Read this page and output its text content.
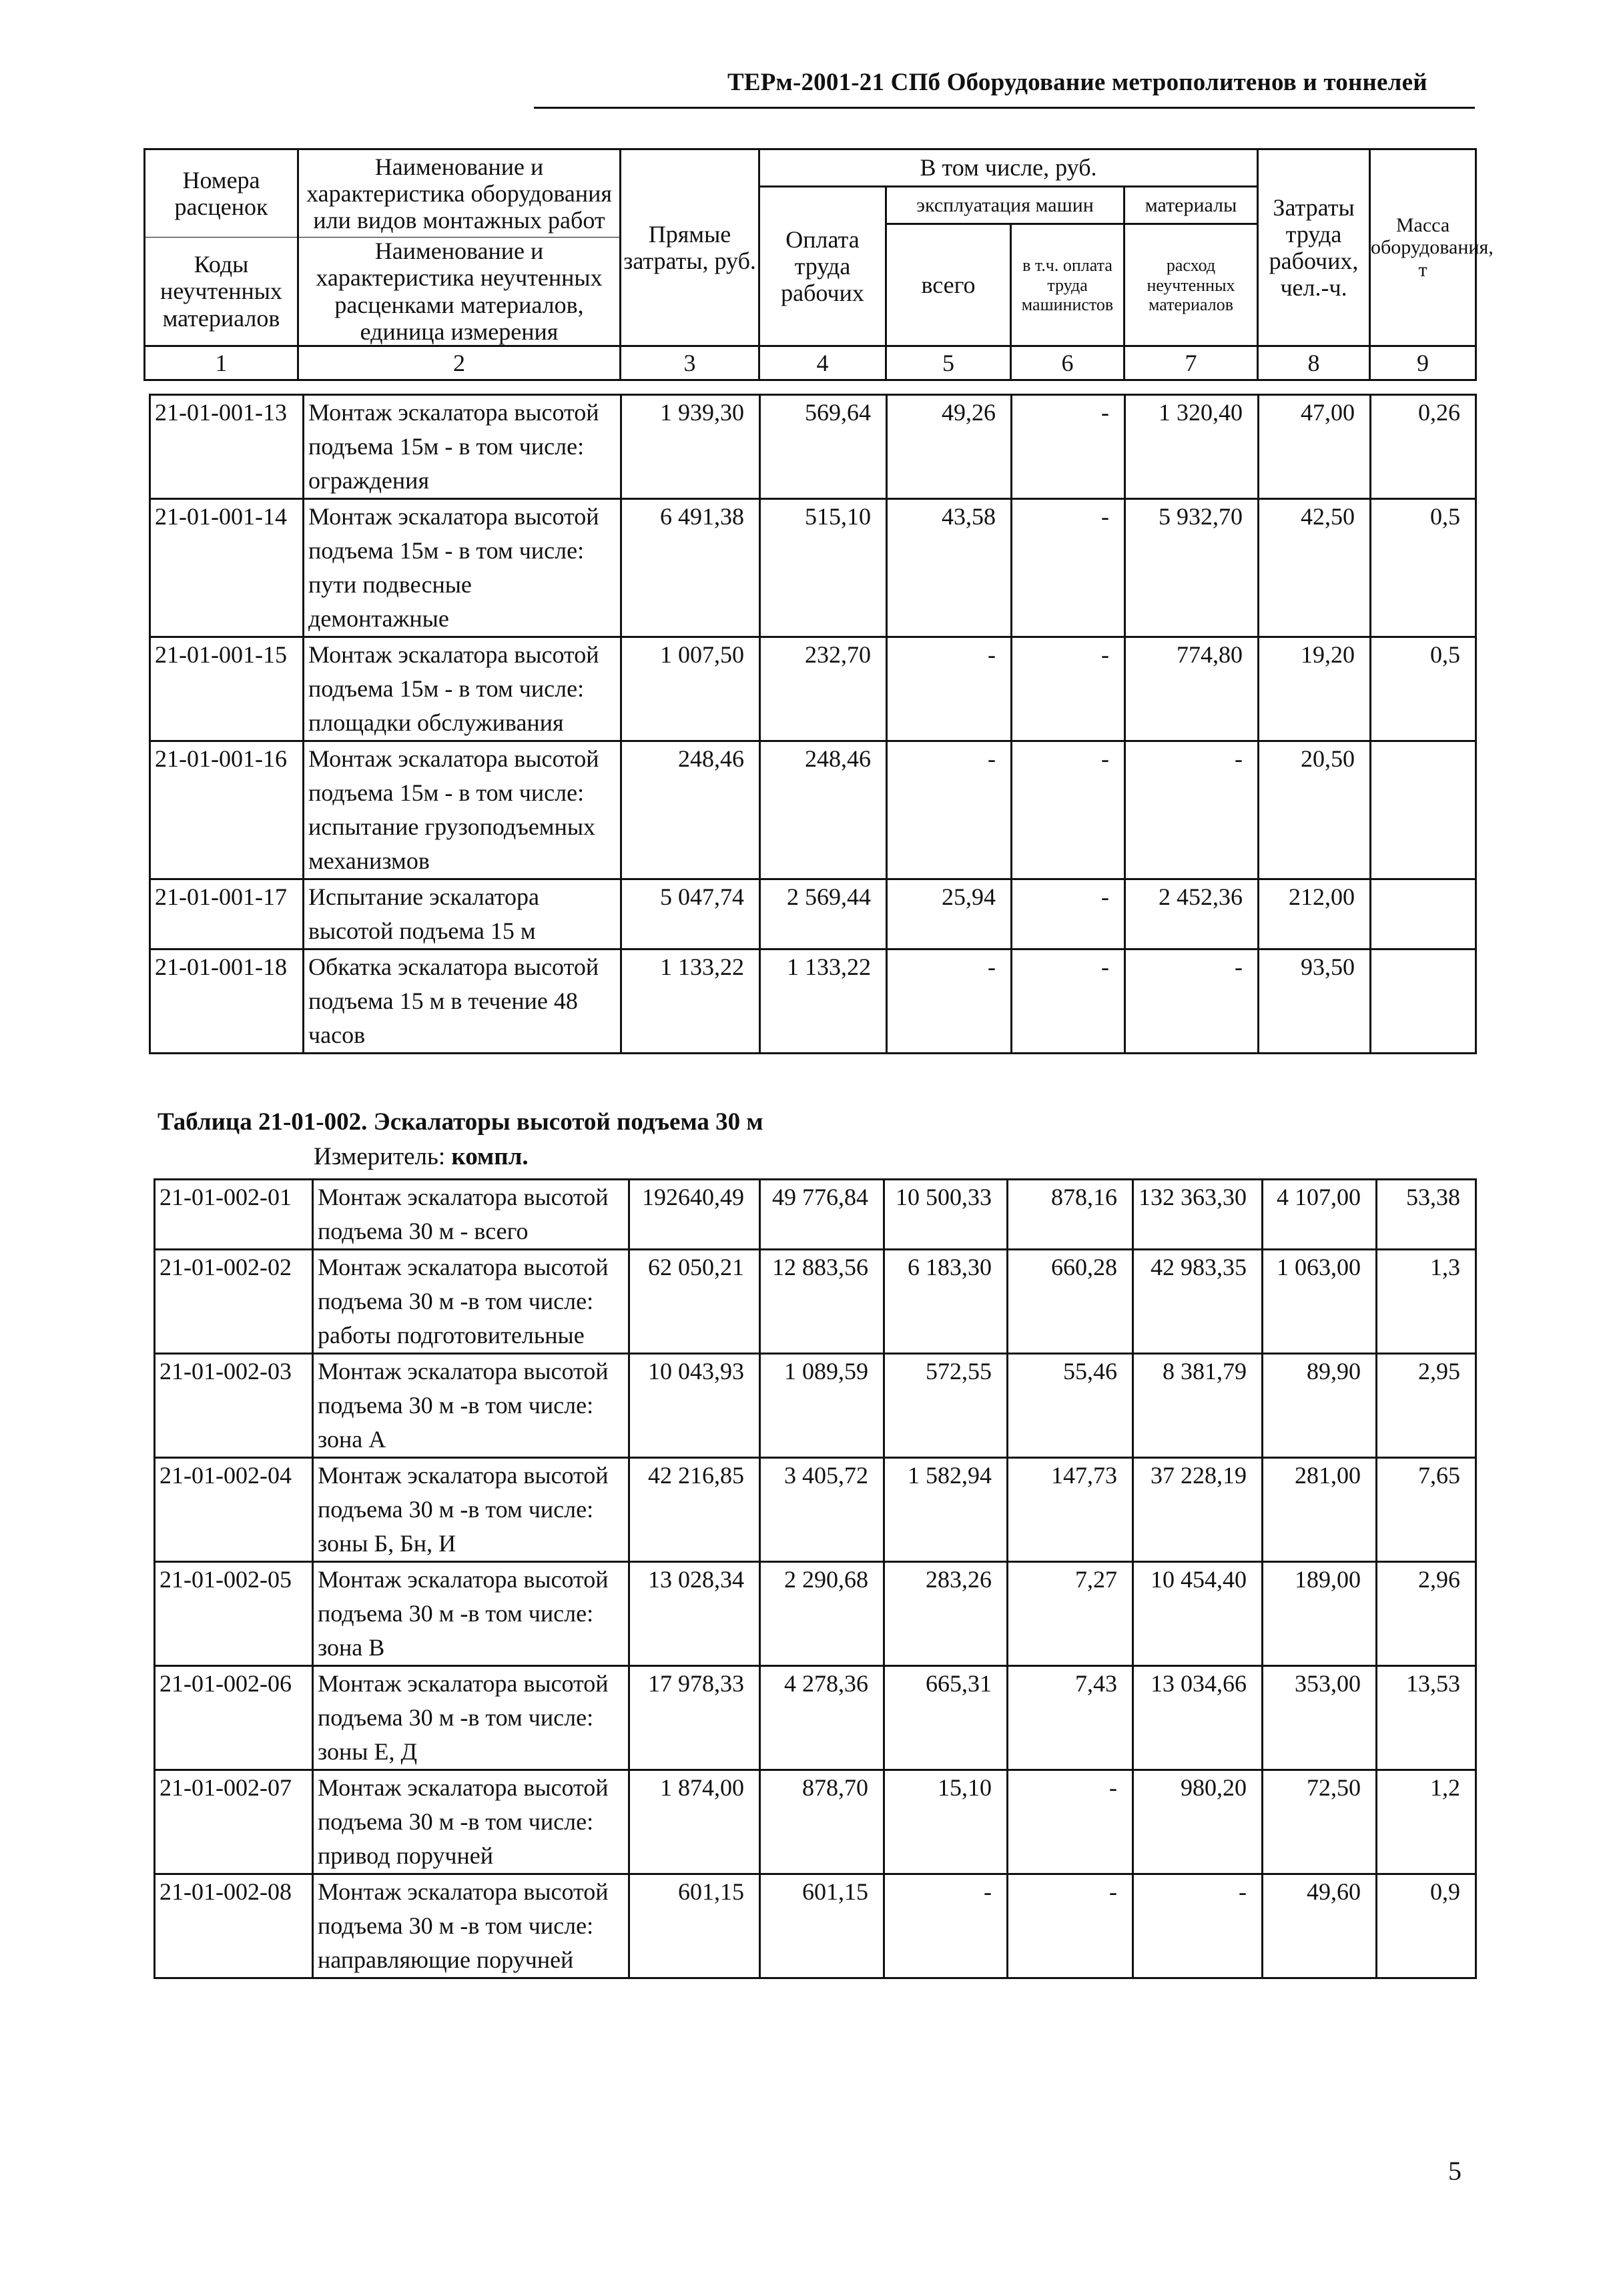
ТЕРм-2001-21 СПб Оборудование метрополитенов и тоннелей
Номера расценок	Наименование и характеристика оборудования или видов монтажных работ	Прямые затраты, руб.	В том числе, руб.				Затраты труда рабочих, чел.-ч.	Масса оборудования, т
			Оплата труда рабочих	эксплуатация машин		материалы		
				всего	в т.ч. оплата труда машинистов	расход неучтенных материалов		
Коды неучтенных материалов	Наименование и характеристика неучтенных расценками материалов, единица измерения							

1	2	3	4	5	6	7	8	9
21-01-001-13	Монтаж эскалатора высотой подъема 15м - в том числе: ограждения	1 939,30	569,64	49,26	-	1 320,40	47,00	0,26
21-01-001-14	Монтаж эскалатора высотой подъема 15м - в том числе: пути подвесные демонтажные	6 491,38	515,10	43,58	-	5 932,70	42,50	0,5
21-01-001-15	Монтаж эскалатора высотой подъема 15м - в том числе: площадки обслуживания	1 007,50	232,70	-	-	774,80	19,20	0,5
21-01-001-16	Монтаж эскалатора высотой подъема 15м - в том числе: испытание грузоподъемных механизмов	248,46	248,46	-	-	-	20,50	
21-01-001-17	Испытание эскалатора высотой подъема 15 м	5 047,74	2 569,44	25,94	-	2 452,36	212,00	
21-01-001-18	Обкатка эскалатора высотой подъема 15 м в течение 48 часов	1 133,22	1 133,22	-	-	-	93,50	
Таблица 21-01-002. Эскалаторы высотой подъема 30 м
Измеритель: компл.
21-01-002-01	Монтаж эскалатора высотой подъема 30 м - всего	192640,49	49 776,84	10 500,33	878,16	132 363,30	4 107,00	53,38
21-01-002-02	Монтаж эскалатора высотой подъема 30 м -в том числе: работы подготовительные	62 050,21	12 883,56	6 183,30	660,28	42 983,35	1 063,00	1,3
21-01-002-03	Монтаж эскалатора высотой подъема 30 м -в том числе: зона А	10 043,93	1 089,59	572,55	55,46	8 381,79	89,90	2,95
21-01-002-04	Монтаж эскалатора высотой подъема 30 м -в том числе: зоны Б, Бн, И	42 216,85	3 405,72	1 582,94	147,73	37 228,19	281,00	7,65
21-01-002-05	Монтаж эскалатора высотой подъема 30 м -в том числе: зона В	13 028,34	2 290,68	283,26	7,27	10 454,40	189,00	2,96
21-01-002-06	Монтаж эскалатора высотой подъема 30 м -в том числе: зоны Е, Д	17 978,33	4 278,36	665,31	7,43	13 034,66	353,00	13,53
21-01-002-07	Монтаж эскалатора высотой подъема 30 м -в том числе: привод поручней	1 874,00	878,70	15,10	-	980,20	72,50	1,2
21-01-002-08	Монтаж эскалатора высотой подъема 30 м -в том числе: направляющие поручней	601,15	601,15	-	-	-	49,60	0,9
5
